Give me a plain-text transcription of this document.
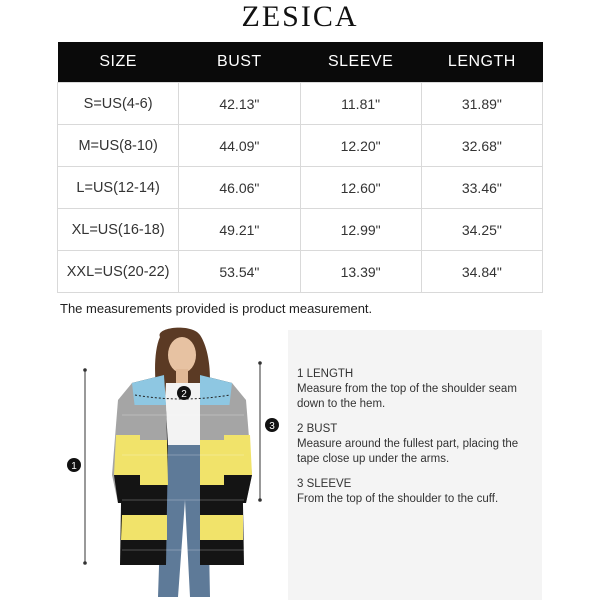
ZESICA
SIZE	BUST	SLEEVE	LENGTH
S=US(4-6)	42.13"	11.81"	31.89"
M=US(8-10)	44.09"	12.20"	32.68"
L=US(12-14)	46.06"	12.60"	33.46"
XL=US(16-18)	49.21"	12.99"	34.25"
XXL=US(20-22)	53.54"	13.39"	34.84"
The measurements provided is product measurement.
1
2
3
1 LENGTH
Measure from the top of the shoulder seam down to the hem.
2 BUST
Measure around the fullest part, placing the tape close up under the arms.
3 SLEEVE
From the top of the shoulder to the cuff.
